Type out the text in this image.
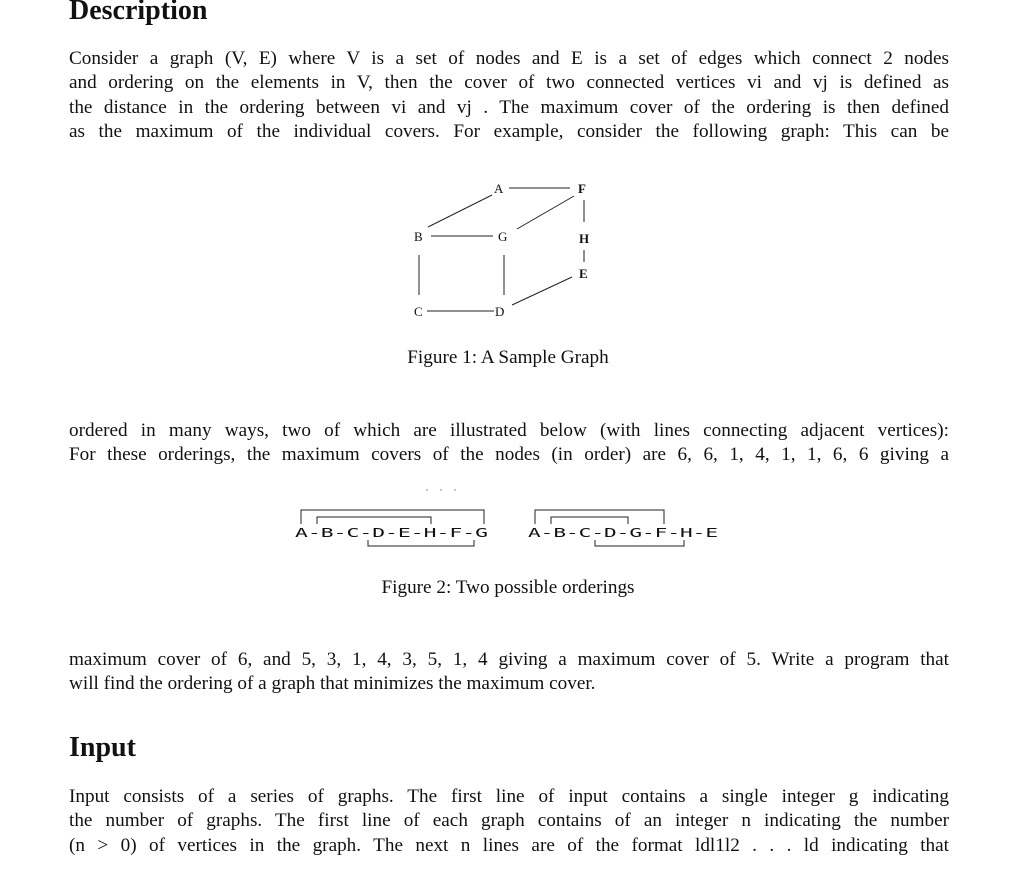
Description

Consider a graph (V, E) where V is a set of nodes and E is a set of edges which connect 2 nodes
and ordering on the elements in V, then the cover of two connected vertices vi and vj is defined as
the distance in the ordering between vi and vj . The maximum cover of the ordering is then defined
as the maximum of the individual covers. For example, consider the following graph: This can be

A	F
B	G	H
E
C	D
A-B-C-D-E-H-F-G	A-B-C-D-G-F-H-E

Figure 1: A Sample Graph

ordered in many ways, two of which are illustrated below (with lines connecting adjacent vertices):
For these orderings, the maximum covers of the nodes (in order) are 6, 6, 1, 4, 1, 1, 6, 6 giving a

Figure 2: Two possible orderings

maximum cover of 6, and 5, 3, 1, 4, 3, 5, 1, 4 giving a maximum cover of 5. Write a program that
will find the ordering of a graph that minimizes the maximum cover.

Input

Input consists of a series of graphs. The first line of input contains a single integer g indicating
the number of graphs. The first line of each graph contains of an integer n indicating the number
(n > 0) of vertices in the graph. The next n lines are of the format ldl1l2 . . . ld indicating that
